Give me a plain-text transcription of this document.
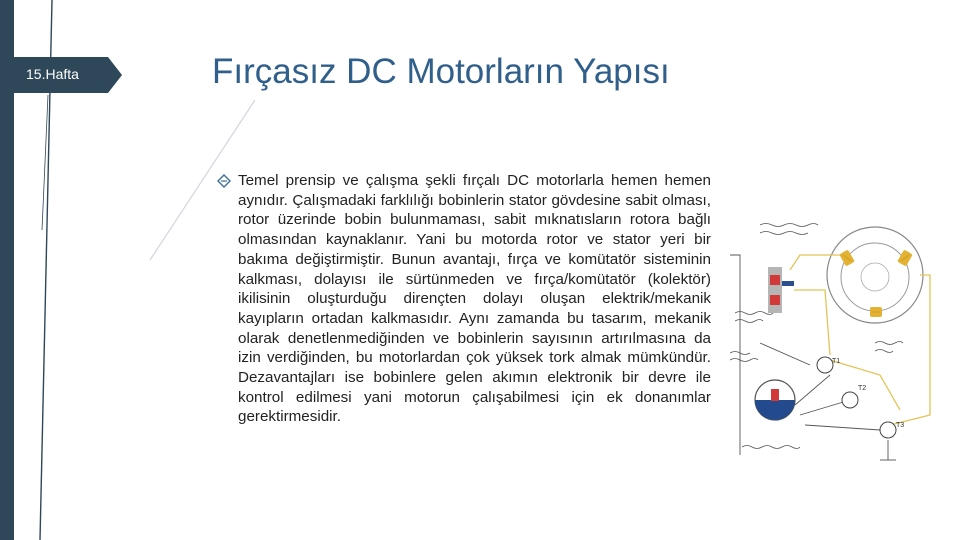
15.Hafta	Fırçasız DC Motorların Yapısı
Temel prensip ve çalışma şekli fırçalı DC motorlarla hemen hemen aynıdır. Çalışmadaki farklılığı bobinlerin stator gövdesine sabit olması, rotor üzerinde bobin bulunmaması, sabit mıknatısların rotora bağlı olmasından kaynaklanır. Yani bu motorda rotor ve stator yeri bir bakıma değiştirmiştir. Bunun avantajı, fırça ve komütatör sisteminin kalkması, dolayısı ile sürtünmeden ve fırça/komütatör (kolektör) ikilisinin oluşturduğu dirençten dolayı oluşan elektrik/mekanik kayıpların ortadan kalkmasıdır. Aynı zamanda bu tasarım, mekanik olarak denetlenmediğinden ve bobinlerin sayısının artırılmasına da izin verdiğinden, bu motorlardan çok yüksek tork almak mümkündür. Dezavantajları ise bobinlere gelen akımın elektronik bir devre ile kontrol edilmesi yani motorun çalışabilmesi için ek donanımlar gerektirmesidir.
T1
T2
T3
